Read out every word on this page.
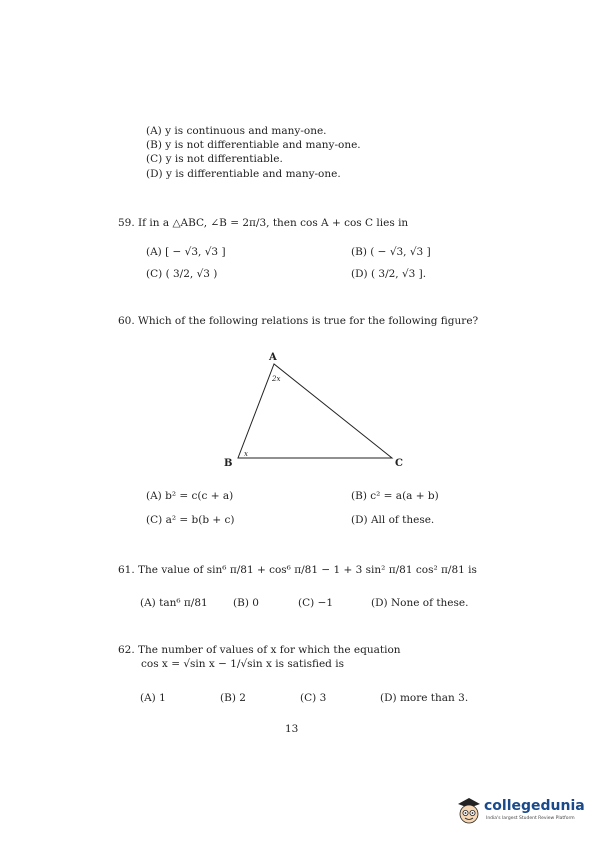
(A) y is continuous and many-one.
(B) y is not differentiable and many-one.
(C) y is not differentiable.
(D) y is differentiable and many-one.
59. If in a △ABC, ∠B = 2π/3, then cos A + cos C lies in
(A) [ − √3, √3 ]	(B) ( − √3, √3 ]
(C) ( 3/2, √3 )	(D) ( 3/2, √3 ].
60. Which of the following relations is true for the following figure?
A
B	C
2x
x
(A) b² = c(c + a)	(B) c² = a(a + b)
(C) a² = b(b + c)	(D) All of these.
61. The value of sin⁶ π/81 + cos⁶ π/81 − 1 + 3 sin² π/81 cos² π/81 is
(A) tan⁶ π/81 (B) 0	(C) −1	(D) None of these.
62. The number of values of x for which the equation
cos x = √sin x − 1/√sin x is satisfied is
(A) 1	(B) 2	(C) 3	(D) more than 3.
13
collegedunia
India's largest Student Review Platform
